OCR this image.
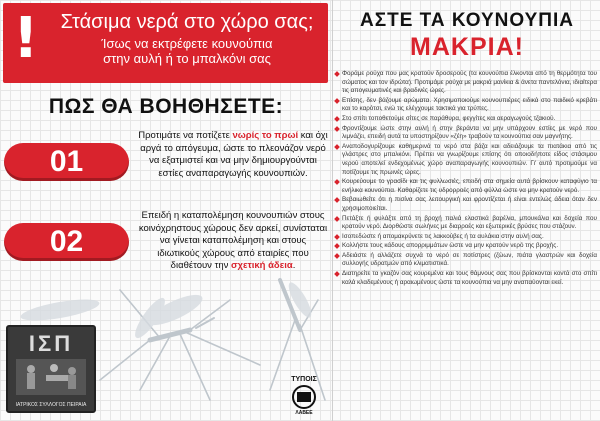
!	Στάσιμα νερά στο χώρο σας;
Ίσως να εκτρέφετε κουνούπια
στην αυλή ή το μπαλκόνι σας
ΠΩΣ ΘΑ ΒΟΗΘΗΣΕΤΕ:
01
Προτιμάτε να ποτίζετε νωρίς το πρωί και όχι αργά το απόγευμα, ώστε το πλεονάζον νερό να εξατμιστεί και να μην δημιουργούνται εστίες αναπαραγωγής κουνουπιών.
02
Επειδή η καταπολέμηση κουνουπιών στους κοινόχρηστους χώρους δεν αρκεί, συνίσταται να γίνεται καταπολέμηση και στους ιδιωτικούς χώρους από εταιρίες που διαθέτουν την σχετική άδεια.
ΙΣΠ
ΙΑΤΡΙΚΟΣ ΣΥΛΛΟΓΟΣ ΠΕΙΡΑΙΑ
ΤΥΠΟΙΣ
ΛΑΒΕΕ
ΑΣΤΕ ΤΑ ΚΟΥΝΟΥΠΙΑ
ΜΑΚΡΙΑ!
Φοράμε ρούχα που μας κρατούν δροσερούς (τα κουνούπια έλκονται από τη θερμότητα του σώματος και τον ιδρώτα). Προτιμάμε ρούχα με μακριά μανίκια & άνετα παντελόνια, ιδιαίτερα τις απογευματινές και βραδινές ώρες.
Επίσης, δεν βάζουμε αρώματα. Χρησιμοποιούμε κουνουπιέρες ειδικά στο παιδικό κρεβάτι και το καρότσι, ενώ τις ελέγχουμε τακτικά για τρύπες.
Στο σπίτι τοποθετούμε σίτες σε παράθυρα, φεγγίτες και αεραγωγούς τζακιού.
Φροντίζουμε ώστε στην αυλή ή στην βεράντα να μην υπάρχουν εστίες με νερό που λιμνάζει, επειδή αυτά τα υποστηρίζουν «ζέη» τραβούν τα κουνούπια σαν μαγνήτης.
Αναποδογυρίζουμε καθημερινά το νερό στα βάζα και αδειάζουμε τα πιατάκια από τις γλάστρες στο μπαλκόνι. Πρέπει να γνωρίζουμε επίσης ότι οποιοδήποτε είδος στάσιμου νερού αποτελεί ενδεχομένως χώρο αναπαραγωγής κουνουπιών. Γι' αυτό προτιμούμε να ποτίζουμε τις πρωινές ώρες.
Κουρεύουμε το γρασίδι και τις φυλλωσιές, επειδή στα σημεία αυτά βρίσκουν καταφύγιο τα ενήλικα κουνούπια. Καθαρίζετε τις υδρορροές από φύλλα ώστε να μην κρατούν νερό.
Βεβαιωθείτε ότι η πισίνα σας λειτουργική και φροντίζεται ή είναι εντελώς άδεια όταν δεν χρησιμοποιείται.
Πετάξτε ή φυλάξτε από τη βροχή παλιά ελαστικά βαρέλια, μπουκάλια και δοχεία που κρατούν νερό. Διορθώστε σωλήνες με διαρροές και εξωτερικές βρύσες που στάζουν.
Ισοπεδώστε ή απομακρύνετε τις λακκούβες ή τα αυλάκια στην αυλή σας.
Κολλήστε τους κάδους απορριμμάτων ώστε να μην κρατούν νερό της βροχής.
Αδειάστε ή αλλάζετε συχνά το νερό σε ποτίστρες (ζώων, πιάτα γλαστρών και δοχεία συλλογής υδρατμών από κλιματιστικά.
Διατηρείτε τα γκαζόν σας κουρεμένα και τους θάμνους σας που βρίσκονται κοντά στο σπίτι καλά κλαδεμένους ή αραιωμένους ώστε τα κουνούπια να μην αναπαύονται εκεί.
